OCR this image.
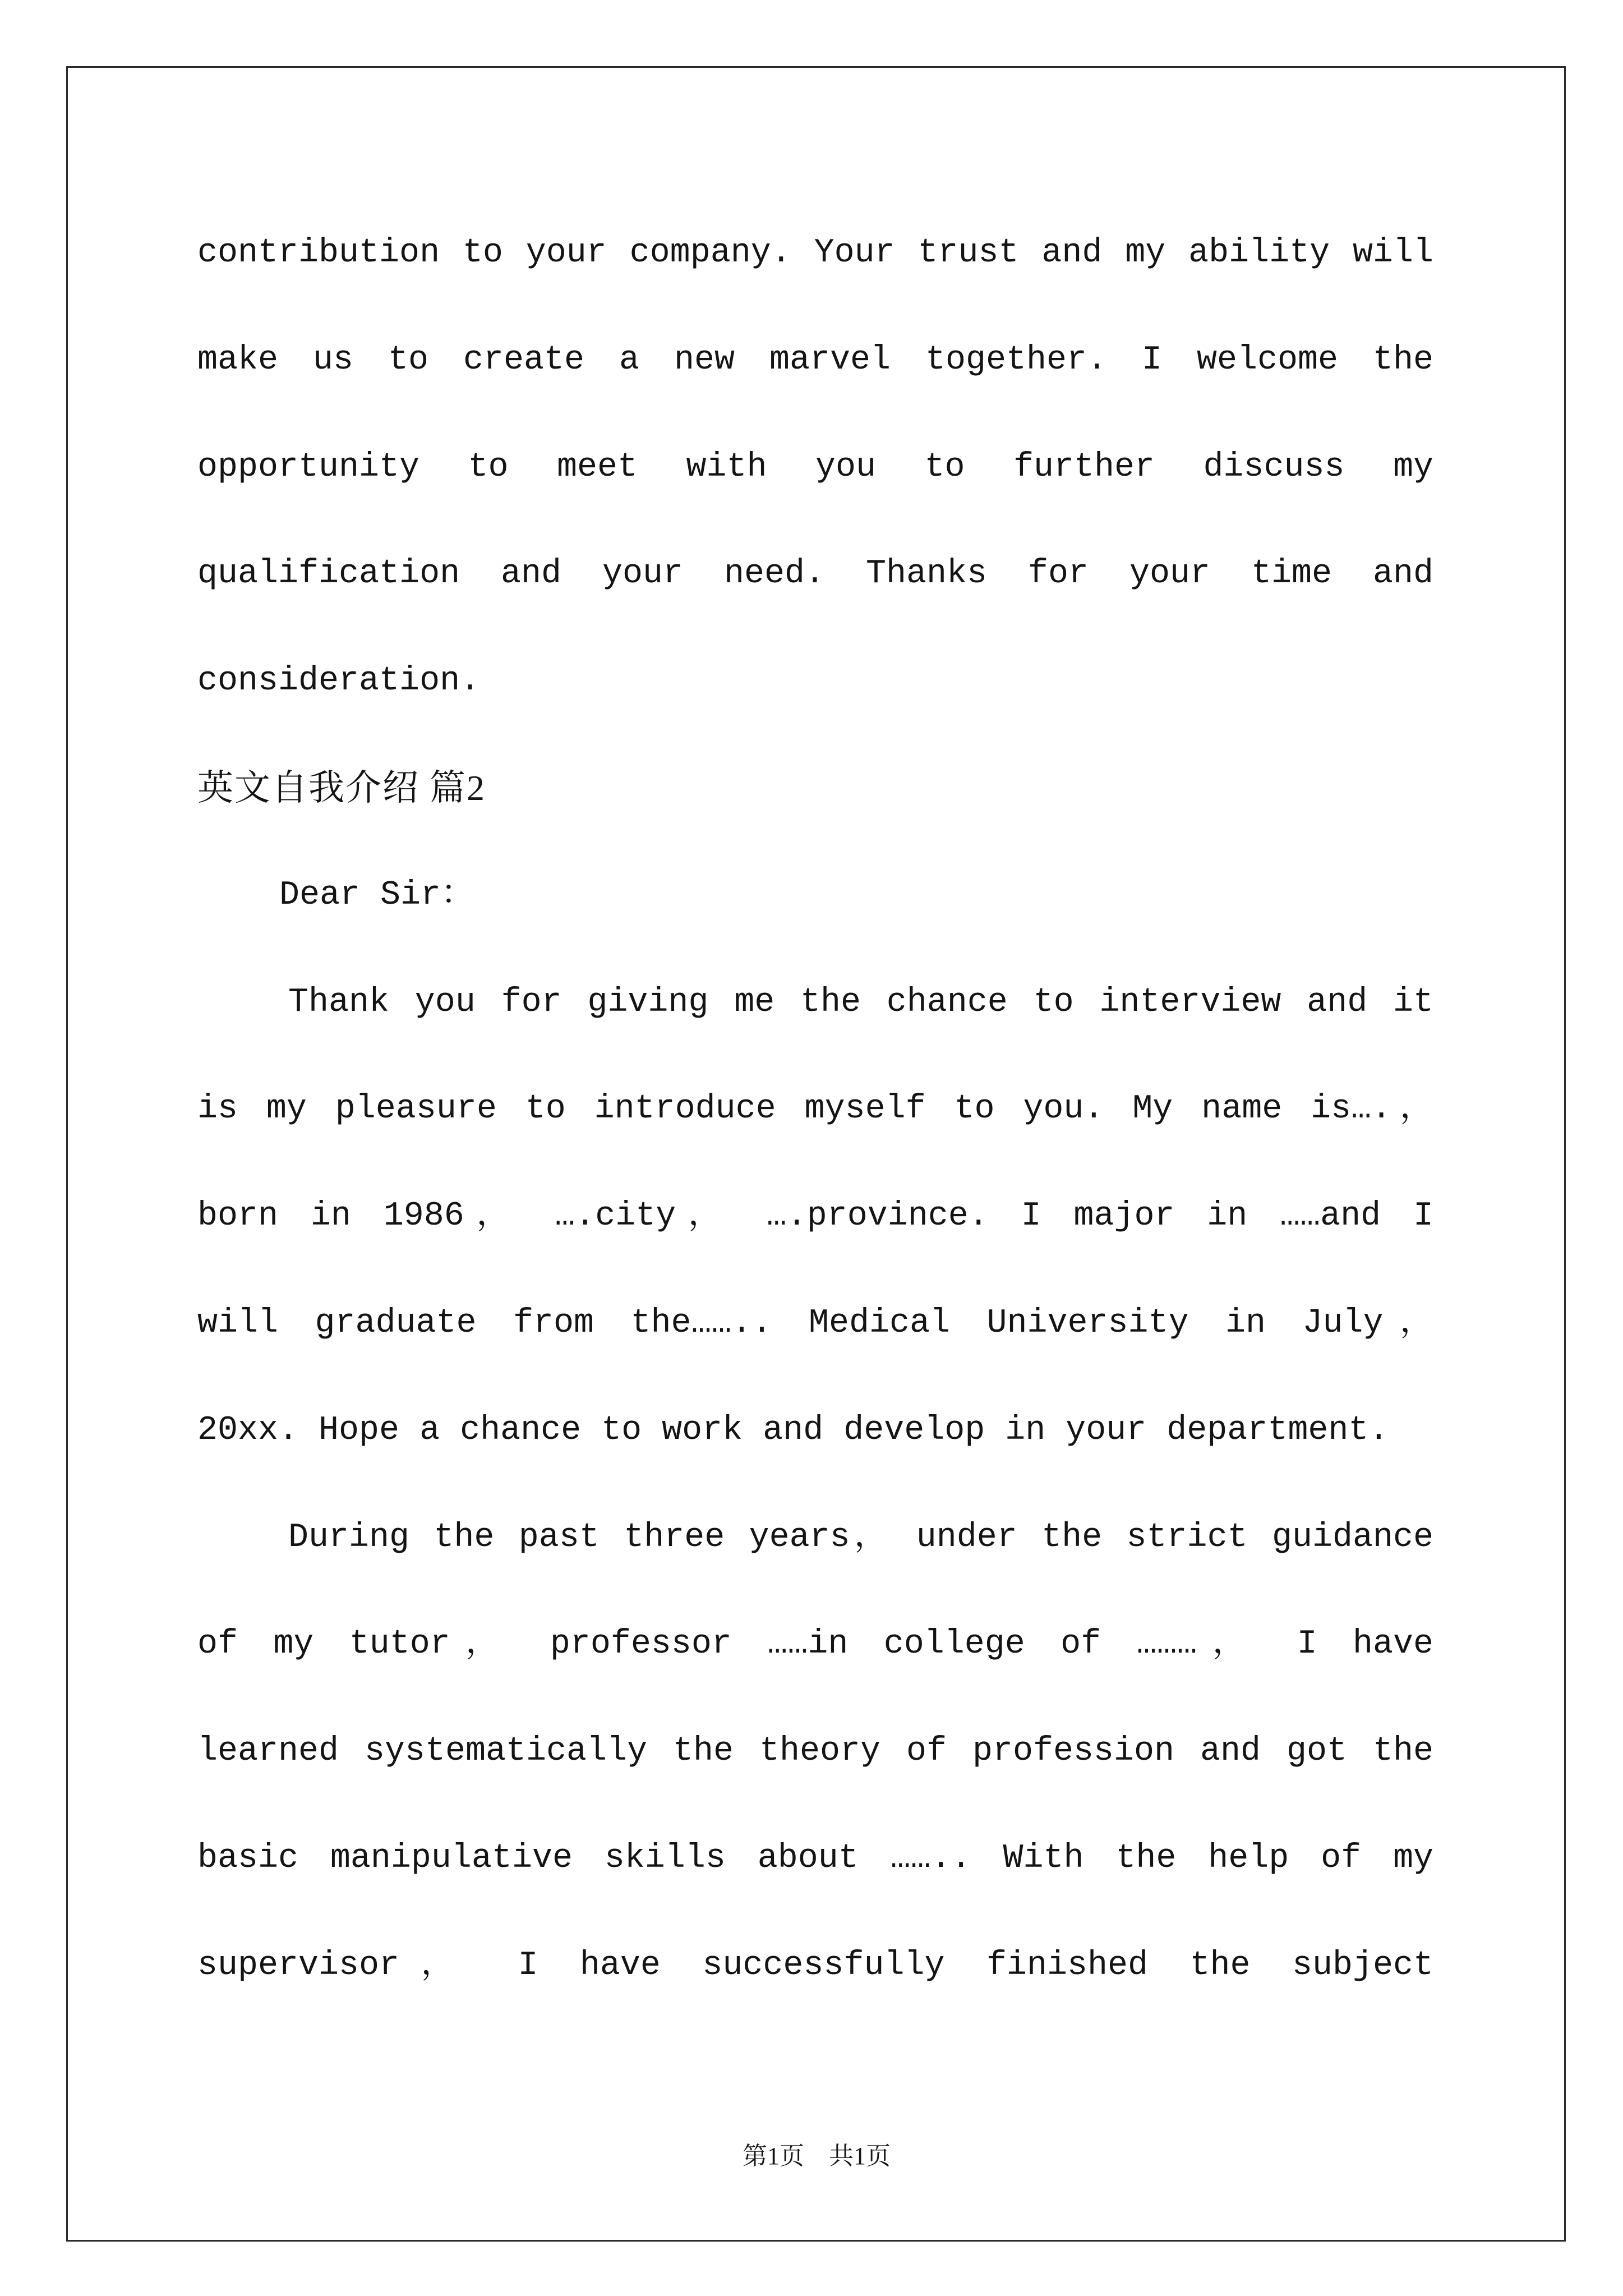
contribution to your company. Your trust and my ability will
make us to create a new marvel together. I welcome the
opportunity to meet with you to further discuss my
qualification and your need. Thanks for your time and
consideration.
英文自我介绍 篇2
Dear Sir：
Thank you for giving me the chance to interview and it
is my pleasure to introduce myself to you. My name is….，
born in 1986， ….city， ….province. I major in ……and I
will graduate from the…….. Medical University in July，
20xx. Hope a chance to work and develop in your department.
During the past three years， under the strict guidance
of my tutor， professor ……in college of ………， I have
learned systematically the theory of profession and got the
basic manipulative skills about …….. With the help of my
supervisor， I have successfully finished the subject
第1页　共1页
